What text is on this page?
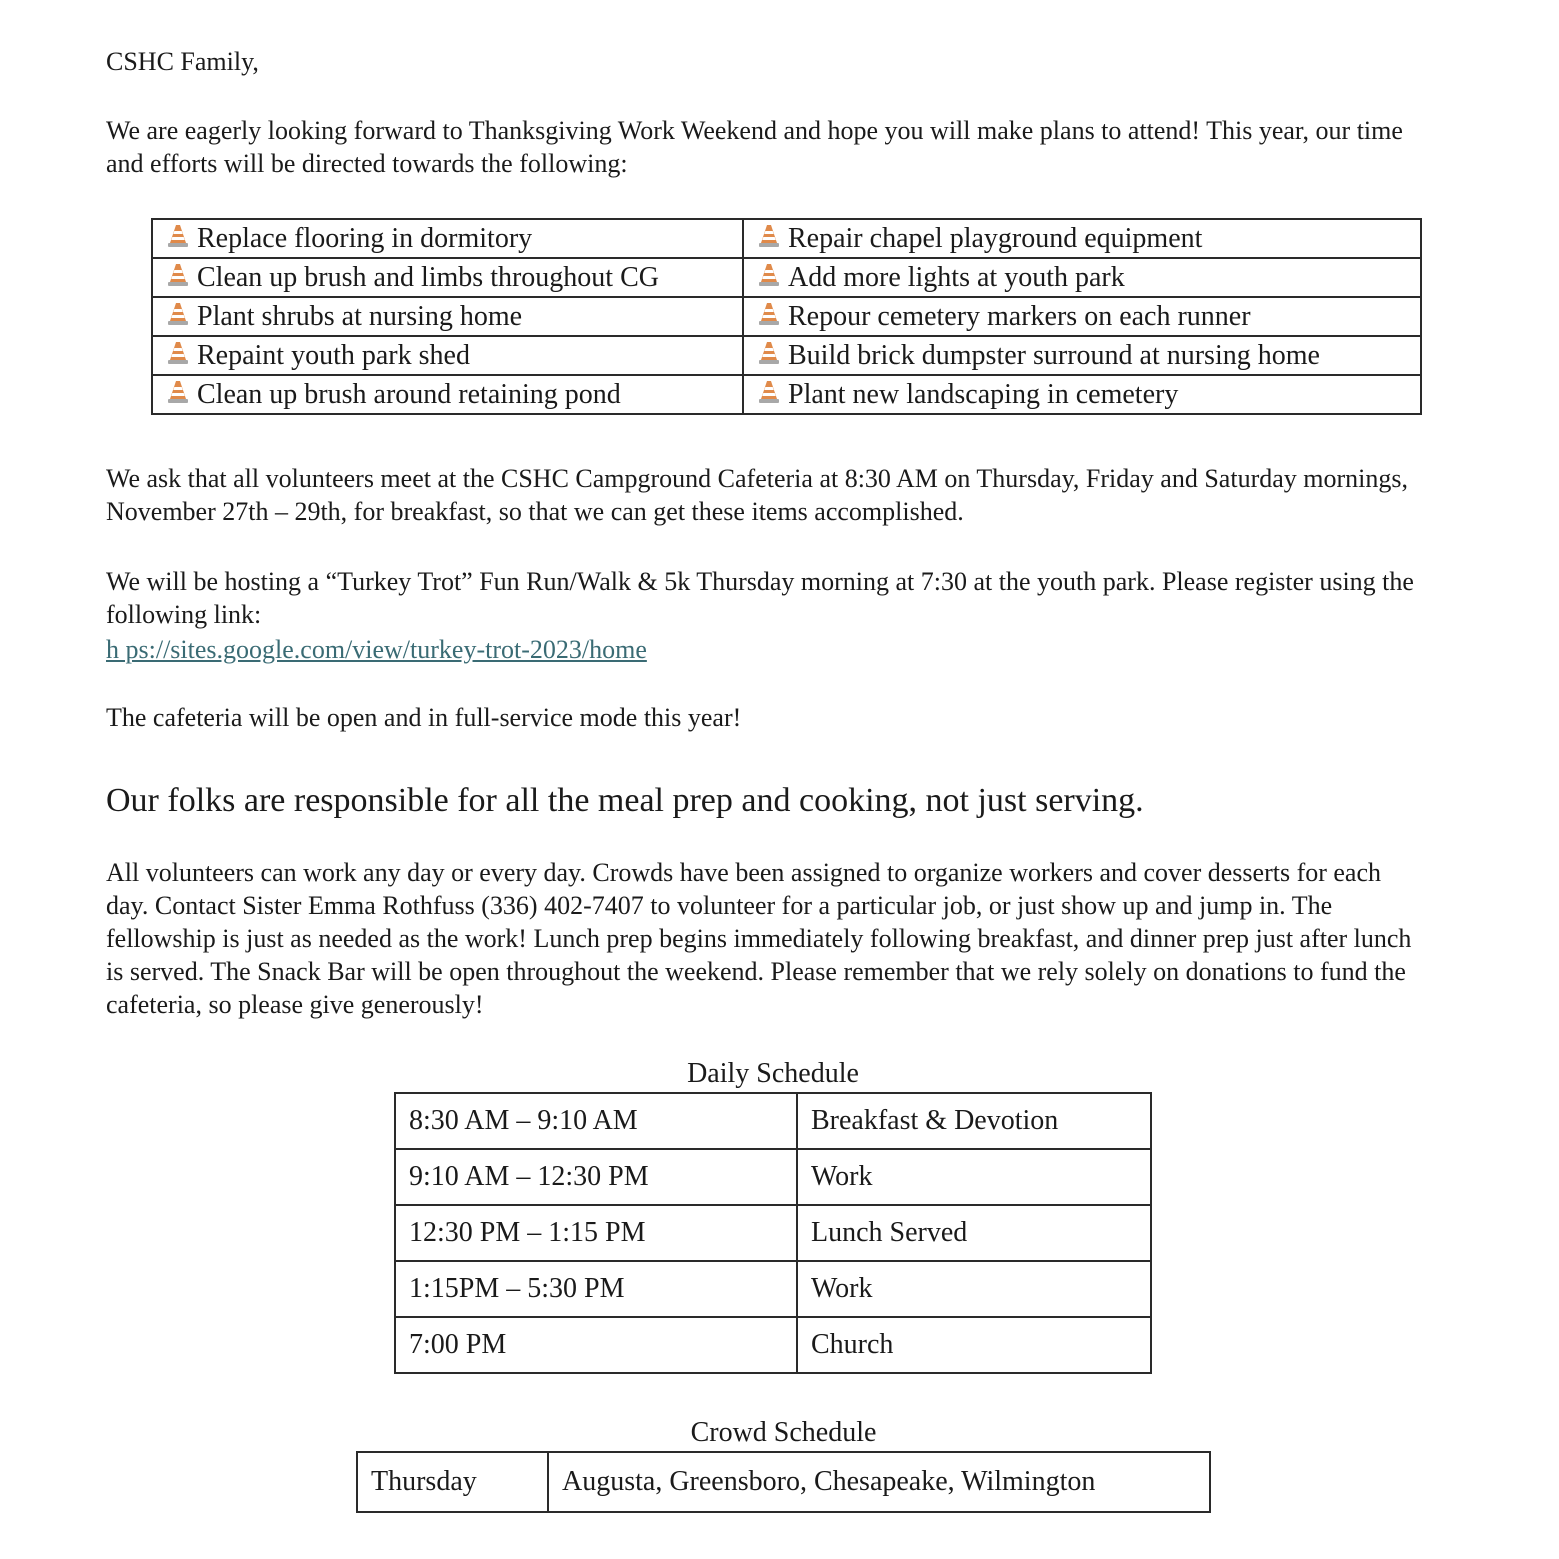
CSHC Family,

We are eagerly looking forward to Thanksgiving Work Weekend and hope you will make plans to attend! This year, our time and efforts will be directed towards the following:

Replace flooring in dormitory	Repair chapel playground equipment
Clean up brush and limbs throughout CG	Add more lights at youth park
Plant shrubs at nursing home	Repour cemetery markers on each runner
Repaint youth park shed	Build brick dumpster surround at nursing home
Clean up brush around retaining pond	Plant new landscaping in cemetery

We ask that all volunteers meet at the CSHC Campground Cafeteria at 8:30 AM on Thursday, Friday and Saturday mornings, November 27th – 29th, for breakfast, so that we can get these items accomplished.

We will be hosting a “Turkey Trot” Fun Run/Walk & 5k Thursday morning at 7:30 at the youth park. Please register using the following link:

h ps://sites.google.com/view/turkey-trot-2023/home

The cafeteria will be open and in full-service mode this year!

Our folks are responsible for all the meal prep and cooking, not just serving.

All volunteers can work any day or every day. Crowds have been assigned to organize workers and cover desserts for each day. Contact Sister Emma Rothfuss (336) 402-7407 to volunteer for a particular job, or just show up and jump in. The fellowship is just as needed as the work! Lunch prep begins immediately following breakfast, and dinner prep just after lunch is served. The Snack Bar will be open throughout the weekend. Please remember that we rely solely on donations to fund the cafeteria, so please give generously!

Daily Schedule
8:30 AM – 9:10 AM	Breakfast & Devotion
9:10 AM – 12:30 PM	Work
12:30 PM – 1:15 PM	Lunch Served
1:15PM – 5:30 PM	Work
7:00 PM	Church
Crowd Schedule
Thursday	Augusta, Greensboro, Chesapeake, Wilmington
